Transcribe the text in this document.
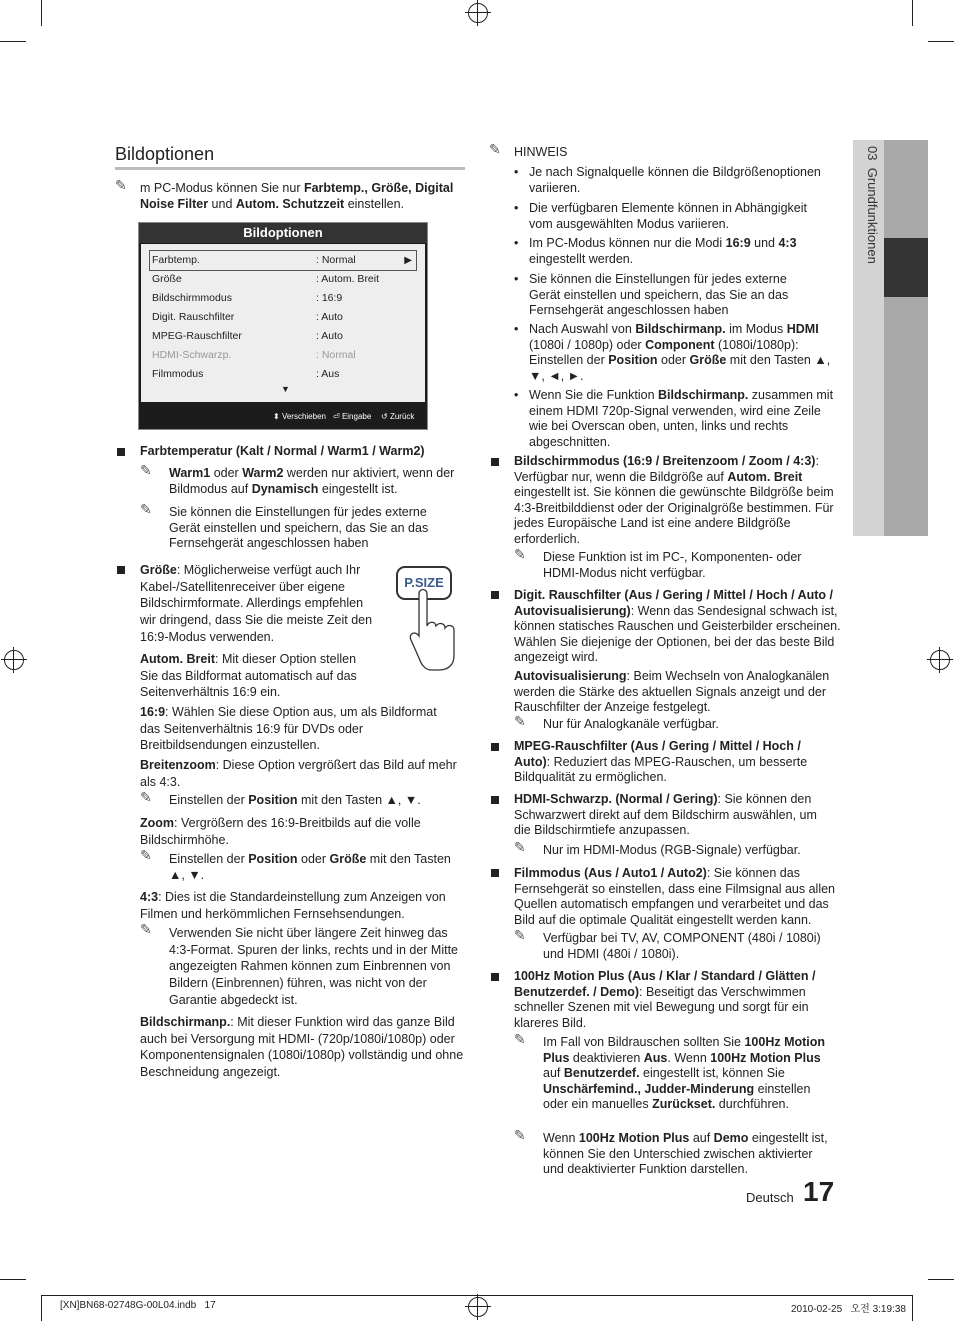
03  Grundfunktionen
Bildoptionen
✎ m PC-Modus können Sie nur Farbtemp., Größe, Digital Noise Filter und Autom. Schutzzeit einstellen.
Bildoptionen
Farbtemp.	: Normal	▶
Größe	: Autom. Breit
Bildschirmmodus	: 16:9
Digit. Rauschfilter	: Auto
MPEG-Rauschfilter	: Auto
HDMI-Schwarzp.	: Normal
Filmmodus	: Aus
▼
⬍ Verschieben ⏎ Eingabe ↺ Zurück
Farbtemperatur (Kalt / Normal / Warm1 / Warm2)
✎ Warm1 oder Warm2 werden nur aktiviert, wenn der Bildmodus auf Dynamisch eingestellt ist.
✎ Sie können die Einstellungen für jedes externe Gerät einstellen und speichern, das Sie an das Fernsehgerät angeschlossen haben
Größe: Möglicherweise verfügt auch Ihr Kabel-/Satellitenreceiver über eigene Bildschirmformate. Allerdings empfehlen wir dringend, dass Sie die meiste Zeit den 16:9-Modus verwenden.
P.SIZE
Autom. Breit: Mit dieser Option stellen Sie das Bildformat automatisch auf das Seitenverhältnis 16:9 ein.
16:9: Wählen Sie diese Option aus, um als Bildformat das Seitenverhältnis 16:9 für DVDs oder Breitbildsendungen einzustellen.
Breitenzoom: Diese Option vergrößert das Bild auf mehr als 4:3.
✎ Einstellen der Position mit den Tasten ▲, ▼.
Zoom: Vergrößern des 16:9-Breitbilds auf die volle Bildschirmhöhe.
✎ Einstellen der Position oder Größe mit den Tasten ▲, ▼.
4:3: Dies ist die Standardeinstellung zum Anzeigen von Filmen und herkömmlichen Fernsehsendungen.
✎ Verwenden Sie nicht über längere Zeit hinweg das 4:3-Format. Spuren der links, rechts und in der Mitte angezeigten Rahmen können zum Einbrennen von Bildern (Einbrennen) führen, was nicht von der Garantie abgedeckt ist.
Bildschirmanp.: Mit dieser Funktion wird das ganze Bild auch bei Versorgung mit HDMI- (720p/1080i/1080p) oder Komponentensignalen (1080i/1080p) vollständig und ohne Beschneidung angezeigt.
✎ HINWEIS
• Je nach Signalquelle können die Bildgrößenoptionen variieren.
• Die verfügbaren Elemente können in Abhängigkeit vom ausgewählten Modus variieren.
• Im PC-Modus können nur die Modi 16:9 und 4:3 eingestellt werden.
• Sie können die Einstellungen für jedes externe Gerät einstellen und speichern, das Sie an das Fernsehgerät angeschlossen haben
• Nach Auswahl von Bildschirmanp. im Modus HDMI (1080i / 1080p) oder Component (1080i/1080p): Einstellen der Position oder Größe mit den Tasten ▲, ▼, ◄, ►.
• Wenn Sie die Funktion Bildschirmanp. zusammen mit einem HDMI 720p-Signal verwenden, wird eine Zeile wie bei Overscan oben, unten, links und rechts abgeschnitten.
Bildschirmmodus (16:9 / Breitenzoom / Zoom / 4:3): Verfügbar nur, wenn die Bildgröße auf Autom. Breit eingestellt ist. Sie können die gewünschte Bildgröße beim 4:3-Breitbilddienst oder der Originalgröße bestimmen. Für jedes Europäische Land ist eine andere Bildgröße erforderlich.
✎ Diese Funktion ist im PC-, Komponenten- oder HDMI-Modus nicht verfügbar.
Digit. Rauschfilter (Aus / Gering / Mittel / Hoch / Auto / Autovisualisierung): Wenn das Sendesignal schwach ist, können statisches Rauschen und Geisterbilder erscheinen. Wählen Sie diejenige der Optionen, bei der das beste Bild angezeigt wird.
Autovisualisierung: Beim Wechseln von Analogkanälen werden die Stärke des aktuellen Signals anzeigt und der Rauschfilter der Anzeige festgelegt.
✎ Nur für Analogkanäle verfügbar.
MPEG-Rauschfilter (Aus / Gering / Mittel / Hoch / Auto): Reduziert das MPEG-Rauschen, um besserte Bildqualität zu ermöglichen.
HDMI-Schwarzp. (Normal / Gering): Sie können den Schwarzwert direkt auf dem Bildschirm auswählen, um die Bildschirmtiefe anzupassen.
✎ Nur im HDMI-Modus (RGB-Signale) verfügbar.
Filmmodus (Aus / Auto1 / Auto2): Sie können das Fernsehgerät so einstellen, dass eine Filmsignal aus allen Quellen automatisch empfangen und verarbeitet und das Bild auf die optimale Qualität eingestellt werden kann.
✎ Verfügbar bei TV, AV, COMPONENT (480i / 1080i) und HDMI (480i / 1080i).
100Hz Motion Plus (Aus / Klar / Standard / Glätten / Benutzerdef. / Demo): Beseitigt das Verschwimmen schneller Szenen mit viel Bewegung und sorgt für ein klareres Bild.
✎ Im Fall von Bildrauschen sollten Sie 100Hz Motion Plus deaktivieren Aus. Wenn 100Hz Motion Plus auf Benutzerdef. eingestellt ist, können Sie Unschärfemind., Judder-Minderung einstellen oder ein manuelles Zurückset. durchführen.
✎ Wenn 100Hz Motion Plus auf Demo eingestellt ist, können Sie den Unterschied zwischen aktivierter und deaktivierter Funktion darstellen.
Deutsch 17
[XN]BN68-02748G-00L04.indb   17	2010-02-25   오전 3:19:38
